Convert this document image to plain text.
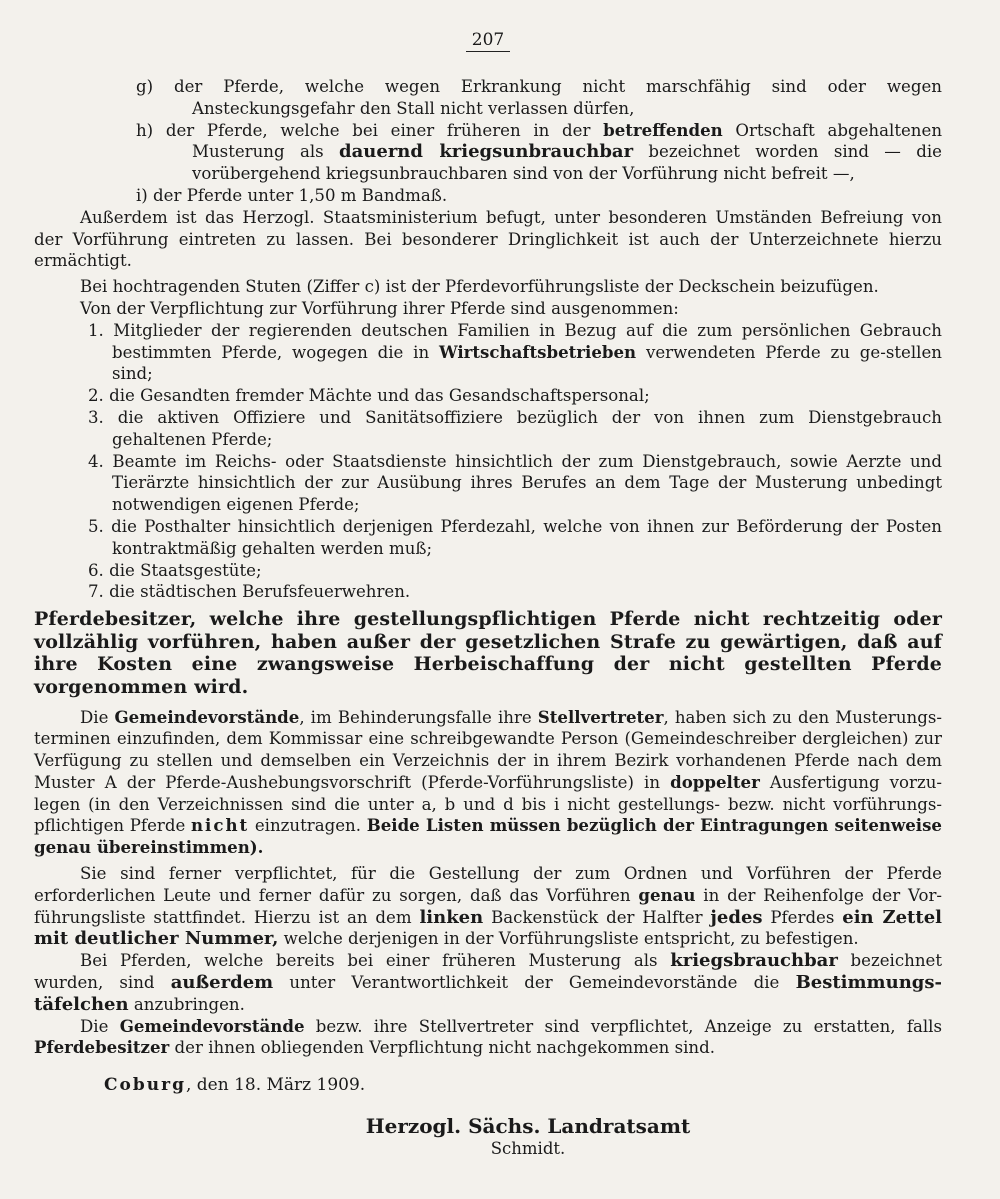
207

g) der Pferde, welche wegen Erkrankung nicht marschfähig sind oder wegen Ansteckungsgefahr den Stall nicht verlassen dürfen,

h) der Pferde, welche bei einer früheren in der betreffenden Ortschaft abgehaltenen Musterung als dauernd kriegsunbrauchbar bezeichnet worden sind — die vorübergehend kriegsunbrauchbaren sind von der Vorführung nicht befreit —,

i) der Pferde unter 1,50 m Bandmaß.

Außerdem ist das Herzogl. Staatsministerium befugt, unter besonderen Umständen Befreiung von der Vorführung eintreten zu lassen. Bei besonderer Dringlichkeit ist auch der Unterzeichnete hierzu ermächtigt.

Bei hochtragenden Stuten (Ziffer c) ist der Pferdevorführungsliste der Deckschein beizufügen.

Von der Verpflichtung zur Vorführung ihrer Pferde sind ausgenommen:

1. Mitglieder der regierenden deutschen Familien in Bezug auf die zum persönlichen Gebrauch bestimmten Pferde, wogegen die in Wirtschaftsbetrieben verwendeten Pferde zu ge-stellen sind;

2. die Gesandten fremder Mächte und das Gesandschaftspersonal;

3. die aktiven Offiziere und Sanitätsoffiziere bezüglich der von ihnen zum Dienstgebrauch gehaltenen Pferde;

4. Beamte im Reichs- oder Staatsdienste hinsichtlich der zum Dienstgebrauch, sowie Aerzte und Tierärzte hinsichtlich der zur Ausübung ihres Berufes an dem Tage der Musterung unbedingt notwendigen eigenen Pferde;

5. die Posthalter hinsichtlich derjenigen Pferdezahl, welche von ihnen zur Beförderung der Posten kontraktmäßig gehalten werden muß;

6. die Staatsgestüte;

7. die städtischen Berufsfeuerwehren.

Pferdebesitzer, welche ihre gestellungspflichtigen Pferde nicht rechtzeitig oder vollzählig vorführen, haben außer der gesetzlichen Strafe zu gewärtigen, daß auf ihre Kosten eine zwangsweise Herbeischaffung der nicht gestellten Pferde vorgenommen wird.

Die Gemeindevorstände, im Behinderungsfalle ihre Stellvertreter, haben sich zu den Musterungs-terminen einzufinden, dem Kommissar eine schreibgewandte Person (Gemeindeschreiber dergleichen) zur Verfügung zu stellen und demselben ein Verzeichnis der in ihrem Bezirk vorhandenen Pferde nach dem Muster A der Pferde-Aushebungsvorschrift (Pferde-Vorführungsliste) in doppelter Ausfertigung vorzu-legen (in den Verzeichnissen sind die unter a, b und d bis i nicht gestellungs- bezw. nicht vorführungs-pflichtigen Pferde nicht einzutragen. Beide Listen müssen bezüglich der Eintragungen seitenweise genau übereinstimmen).

Sie sind ferner verpflichtet, für die Gestellung der zum Ordnen und Vorführen der Pferde erforderlichen Leute und ferner dafür zu sorgen, daß das Vorführen genau in der Reihenfolge der Vor-führungsliste stattfindet. Hierzu ist an dem linken Backenstück der Halfter jedes Pferdes ein Zettel mit deutlicher Nummer, welche derjenigen in der Vorführungsliste entspricht, zu befestigen.

Bei Pferden, welche bereits bei einer früheren Musterung als kriegsbrauchbar bezeichnet wurden, sind außerdem unter Verantwortlichkeit der Gemeindevorstände die Bestimmungs-täfelchen anzubringen.

Die Gemeindevorstände bezw. ihre Stellvertreter sind verpflichtet, Anzeige zu erstatten, falls Pferdebesitzer der ihnen obliegenden Verpflichtung nicht nachgekommen sind.

Coburg, den 18. März 1909.

Herzogl. Sächs. Landratsamt

Schmidt.
